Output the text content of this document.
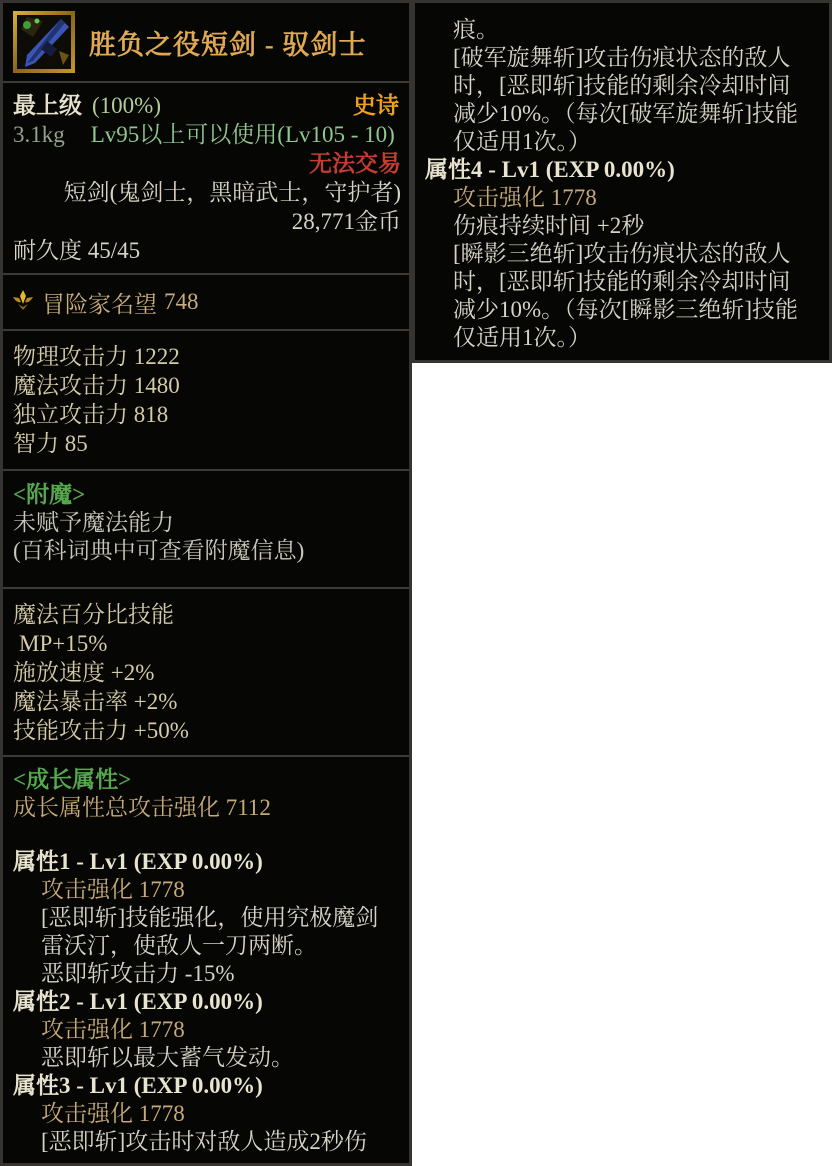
胜负之役短剑 - 驭剑士
最上级 (100%)	史诗
3.1kg Lv95以上可以使用(Lv105 - 10)
无法交易
短剑(鬼剑士，黑暗武士，守护者)
28,771金币
耐久度 45/45
冒险家名望 748
物理攻击力 1222
魔法攻击力 1480
独立攻击力 818
智力 85
<附魔>
未赋予魔法能力
(百科词典中可查看附魔信息)
魔法百分比技能
MP+15%
施放速度 +2%
魔法暴击率 +2%
技能攻击力 +50%
<成长属性>
成长属性总攻击强化 7112
属性1 - Lv1 (EXP 0.00%)
攻击强化 1778
[恶即斩]技能强化，使用究极魔剑
雷沃汀，使敌人一刀两断。
恶即斩攻击力 -15%
属性2 - Lv1 (EXP 0.00%)
攻击强化 1778
恶即斩以最大蓄气发动。
属性3 - Lv1 (EXP 0.00%)
攻击强化 1778
[恶即斩]攻击时对敌人造成2秒伤
痕。
[破军旋舞斩]攻击伤痕状态的敌人
时，[恶即斩]技能的剩余冷却时间
减少10%。（每次[破军旋舞斩]技能
仅适用1次。）
属性4 - Lv1 (EXP 0.00%)
攻击强化 1778
伤痕持续时间 +2秒
[瞬影三绝斩]攻击伤痕状态的敌人
时，[恶即斩]技能的剩余冷却时间
减少10%。（每次[瞬影三绝斩]技能
仅适用1次。）
